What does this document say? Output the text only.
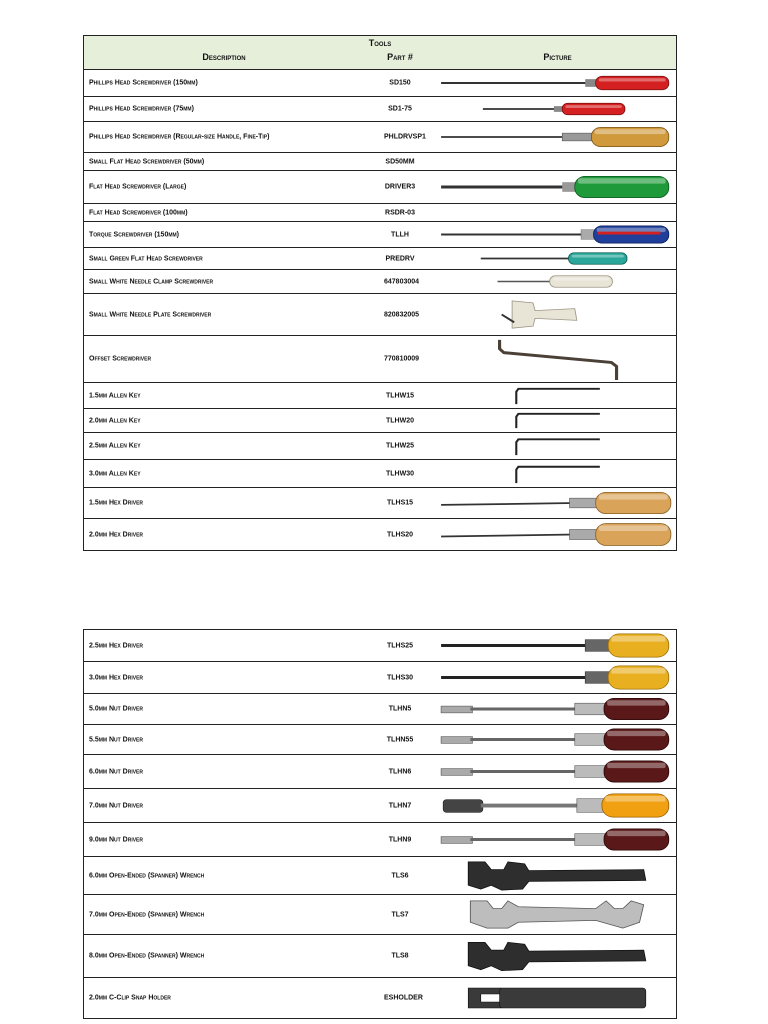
Tools
Description	Part #	Picture
Phillips Head Screwdriver (150mm)	SD150
Phillips Head Screwdriver (75mm)	SD1-75
Phillips Head Screwdriver (Regular-size Handle, Fine-Tip)	PHLDRVSP1
Small Flat Head Screwdriver (50mm)	SD50MM
Flat Head Screwdriver (Large)	DRIVER3
Flat Head Screwdriver (100mm)	RSDR-03
Torque Screwdriver (150mm)	TLLH
Small Green Flat Head Screwdriver	PREDRV
Small White Needle Clamp Screwdriver	647803004
Small White Needle Plate Screwdriver	820832005
Offset Screwdriver	770810009
1.5mm Allen Key	TLHW15
2.0mm Allen Key	TLHW20
2.5mm Allen Key	TLHW25
3.0mm Allen Key	TLHW30
1.5mm Hex Driver	TLHS15
2.0mm Hex Driver	TLHS20
2.5mm Hex Driver	TLHS25
3.0mm Hex Driver	TLHS30
5.0mm Nut Driver	TLHN5
5.5mm Nut Driver	TLHN55
6.0mm Nut Driver	TLHN6
7.0mm Nut Driver	TLHN7
9.0mm Nut Driver	TLHN9
6.0mm Open-Ended (Spanner) Wrench	TLS6
7.0mm Open-Ended (Spanner) Wrench	TLS7
8.0mm Open-Ended (Spanner) Wrench	TLS8
2.0mm C-Clip Snap Holder	ESHOLDER
